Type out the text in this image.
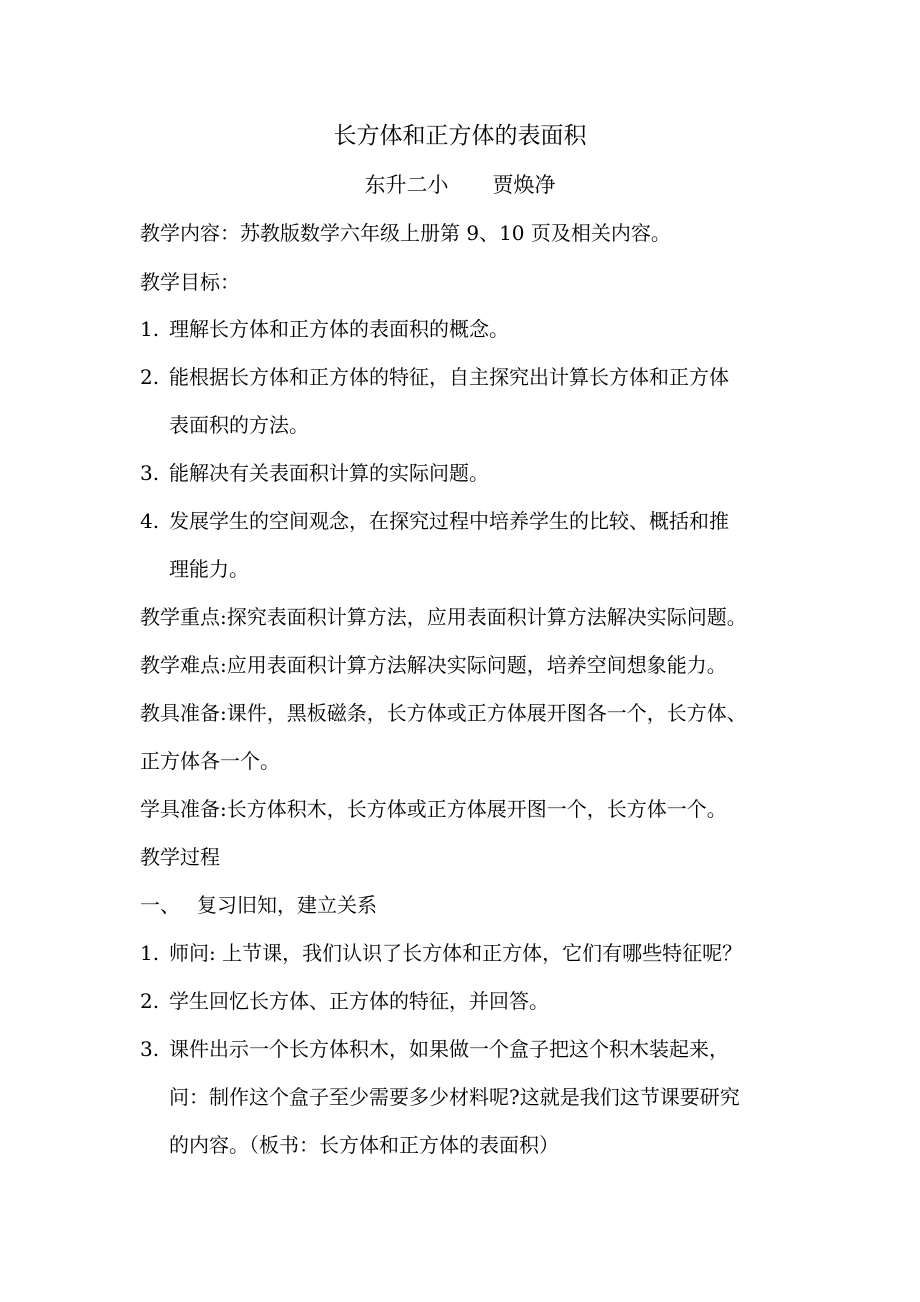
长方体和正方体的表面积
东升二小 贾焕净
教学内容：苏教版数学六年级上册第 9、10 页及相关内容。
教学目标：
1. 理解长方体和正方体的表面积的概念。
2. 能根据长方体和正方体的特征，自主探究出计算长方体和正方体
表面积的方法。
3. 能解决有关表面积计算的实际问题。
4. 发展学生的空间观念，在探究过程中培养学生的比较、概括和推
理能力。
教学重点:探究表面积计算方法，应用表面积计算方法解决实际问题。
教学难点:应用表面积计算方法解决实际问题，培养空间想象能力。
教具准备:课件，黑板磁条，长方体或正方体展开图各一个，长方体、
正方体各一个。
学具准备:长方体积木，长方体或正方体展开图一个，长方体一个。
教学过程
一、 复习旧知，建立关系
1. 师问: 上节课，我们认识了长方体和正方体，它们有哪些特征呢？
2. 学生回忆长方体、正方体的特征，并回答。
3. 课件出示一个长方体积木，如果做一个盒子把这个积木装起来，
问：制作这个盒子至少需要多少材料呢?这就是我们这节课要研究
的内容。（板书：长方体和正方体的表面积）
